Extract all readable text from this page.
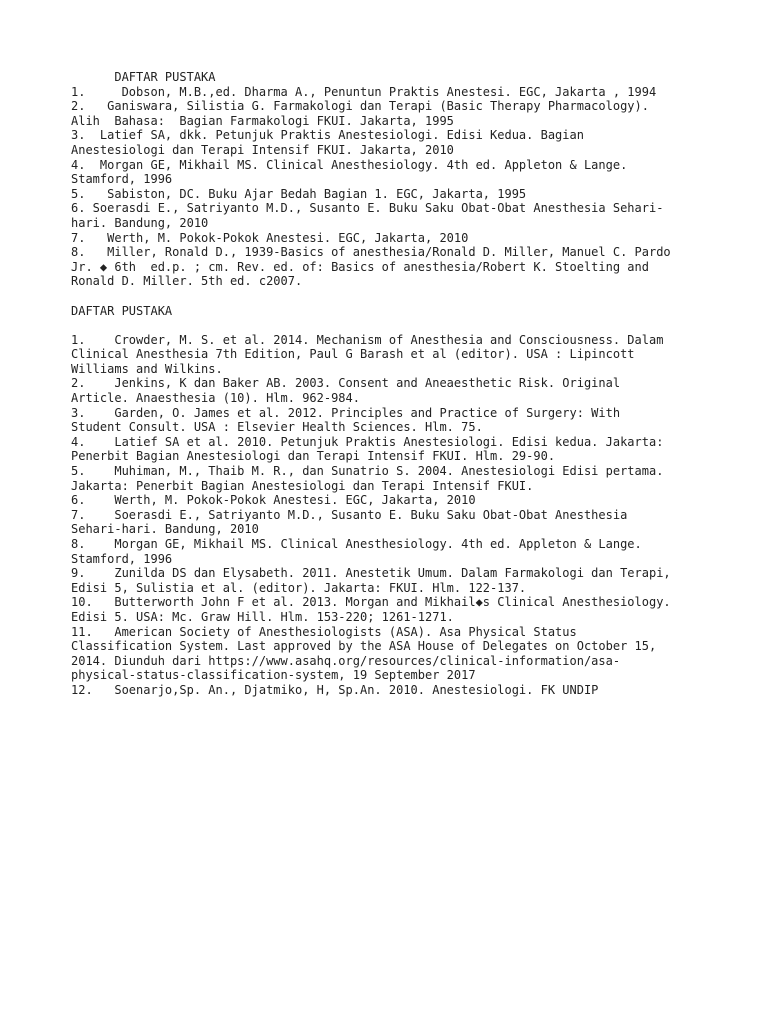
DAFTAR PUSTAKA
1.     Dobson, M.B.,ed. Dharma A., Penuntun Praktis Anestesi. EGC, Jakarta , 1994
2.   Ganiswara, Silistia G. Farmakologi dan Terapi (Basic Therapy Pharmacology).
Alih  Bahasa:  Bagian Farmakologi FKUI. Jakarta, 1995
3.  Latief SA, dkk. Petunjuk Praktis Anestesiologi. Edisi Kedua. Bagian
Anestesiologi dan Terapi Intensif FKUI. Jakarta, 2010
4.  Morgan GE, Mikhail MS. Clinical Anesthesiology. 4th ed. Appleton & Lange.
Stamford, 1996
5.   Sabiston, DC. Buku Ajar Bedah Bagian 1. EGC, Jakarta, 1995
6. Soerasdi E., Satriyanto M.D., Susanto E. Buku Saku Obat-Obat Anesthesia Sehari-
hari. Bandung, 2010
7.   Werth, M. Pokok-Pokok Anestesi. EGC, Jakarta, 2010
8.   Miller, Ronald D., 1939-Basics of anesthesia/Ronald D. Miller, Manuel C. Pardo
Jr. ◆ 6th  ed.p. ; cm. Rev. ed. of: Basics of anesthesia/Robert K. Stoelting and
Ronald D. Miller. 5th ed. c2007.
DAFTAR PUSTAKA
1.    Crowder, M. S. et al. 2014. Mechanism of Anesthesia and Consciousness. Dalam
Clinical Anesthesia 7th Edition, Paul G Barash et al (editor). USA : Lipincott
Williams and Wilkins.
2.    Jenkins, K dan Baker AB. 2003. Consent and Aneaesthetic Risk. Original
Article. Anaesthesia (10). Hlm. 962-984.
3.    Garden, O. James et al. 2012. Principles and Practice of Surgery: With
Student Consult. USA : Elsevier Health Sciences. Hlm. 75.
4.    Latief SA et al. 2010. Petunjuk Praktis Anestesiologi. Edisi kedua. Jakarta:
Penerbit Bagian Anestesiologi dan Terapi Intensif FKUI. Hlm. 29-90.
5.    Muhiman, M., Thaib M. R., dan Sunatrio S. 2004. Anestesiologi Edisi pertama.
Jakarta: Penerbit Bagian Anestesiologi dan Terapi Intensif FKUI.
6.    Werth, M. Pokok-Pokok Anestesi. EGC, Jakarta, 2010
7.    Soerasdi E., Satriyanto M.D., Susanto E. Buku Saku Obat-Obat Anesthesia
Sehari-hari. Bandung, 2010
8.    Morgan GE, Mikhail MS. Clinical Anesthesiology. 4th ed. Appleton & Lange.
Stamford, 1996
9.    Zunilda DS dan Elysabeth. 2011. Anestetik Umum. Dalam Farmakologi dan Terapi,
Edisi 5, Sulistia et al. (editor). Jakarta: FKUI. Hlm. 122-137.
10.   Butterworth John F et al. 2013. Morgan and Mikhail◆s Clinical Anesthesiology.
Edisi 5. USA: Mc. Graw Hill. Hlm. 153-220; 1261-1271.
11.   American Society of Anesthesiologists (ASA). Asa Physical Status
Classification System. Last approved by the ASA House of Delegates on October 15,
2014. Diunduh dari https://www.asahq.org/resources/clinical-information/asa-
physical-status-classification-system, 19 September 2017
12.   Soenarjo,Sp. An., Djatmiko, H, Sp.An. 2010. Anestesiologi. FK UNDIP
